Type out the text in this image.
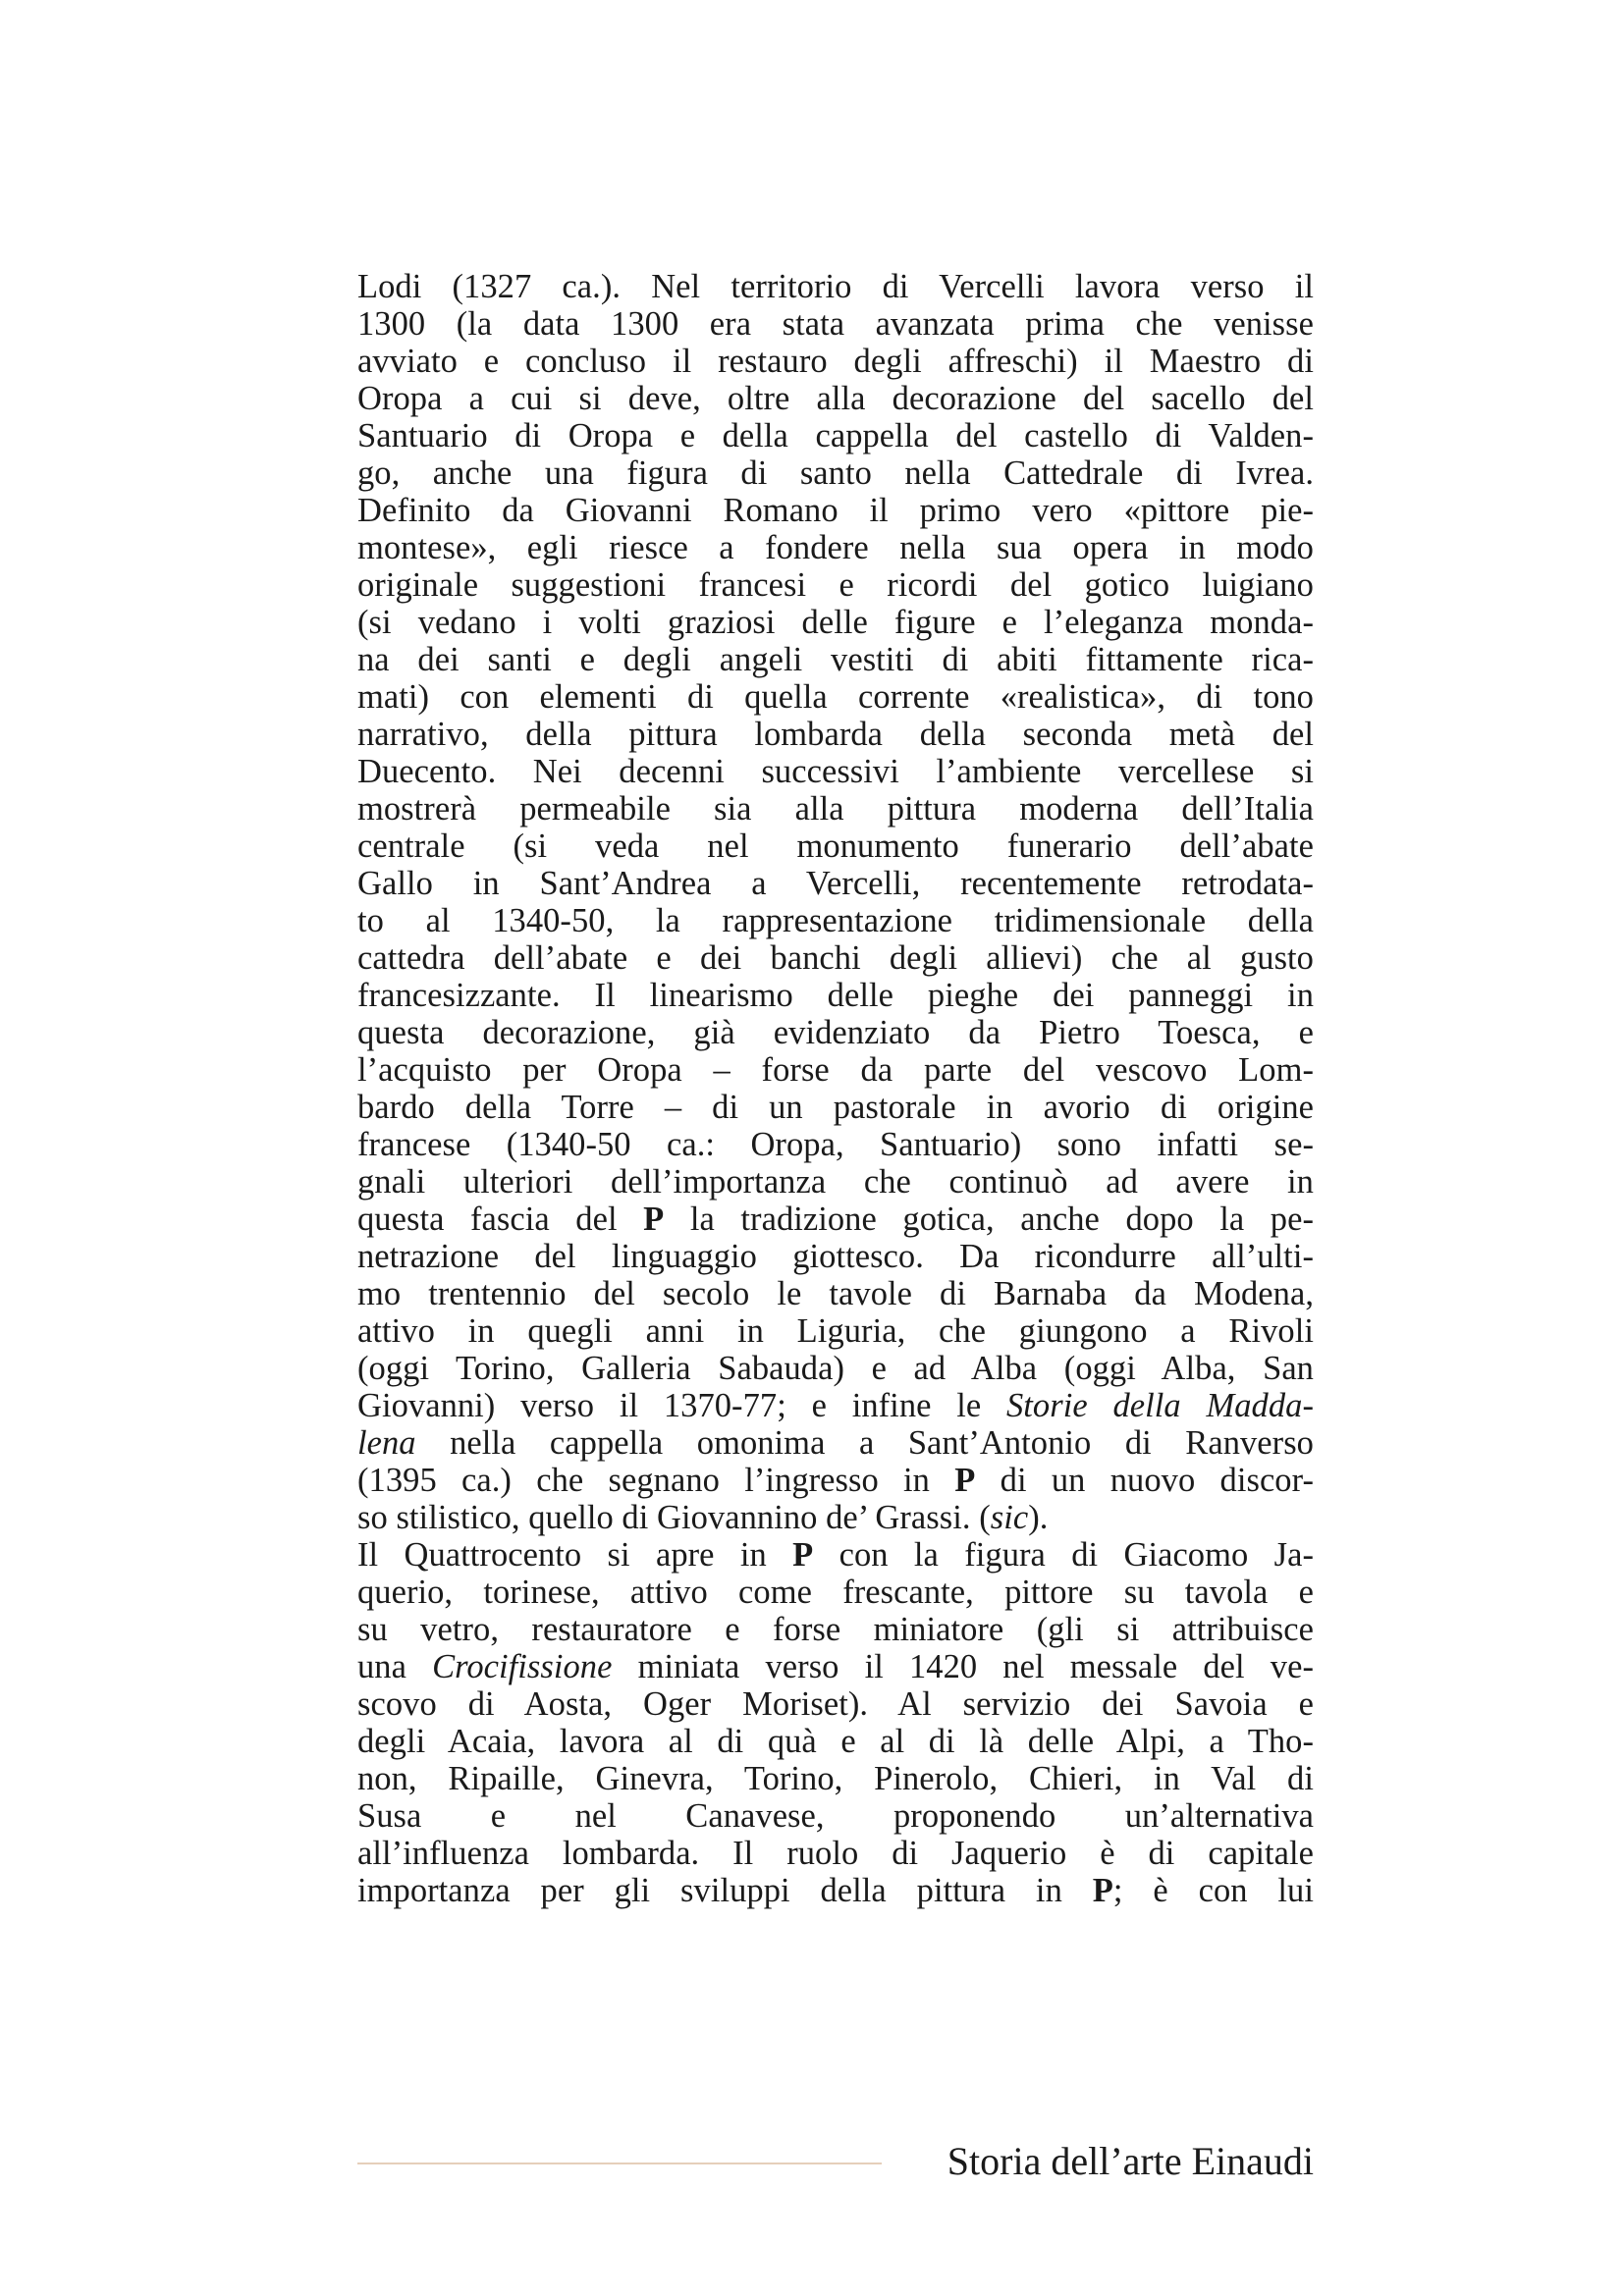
Lodi (1327 ca.). Nel territorio di Vercelli lavora verso il
1300 (la data 1300 era stata avanzata prima che venisse
avviato e concluso il restauro degli affreschi) il Maestro di
Oropa a cui si deve, oltre alla decorazione del sacello del
Santuario di Oropa e della cappella del castello di Valden-
go, anche una figura di santo nella Cattedrale di Ivrea.
Definito da Giovanni Romano il primo vero «pittore pie-
montese», egli riesce a fondere nella sua opera in modo
originale suggestioni francesi e ricordi del gotico luigiano
(si vedano i volti graziosi delle figure e l’eleganza monda-
na dei santi e degli angeli vestiti di abiti fittamente rica-
mati) con elementi di quella corrente «realistica», di tono
narrativo, della pittura lombarda della seconda metà del
Duecento. Nei decenni successivi l’ambiente vercellese si
mostrerà permeabile sia alla pittura moderna dell’Italia
centrale (si veda nel monumento funerario dell’abate
Gallo in Sant’Andrea a Vercelli, recentemente retrodata-
to al 1340-50, la rappresentazione tridimensionale della
cattedra dell’abate e dei banchi degli allievi) che al gusto
francesizzante. Il linearismo delle pieghe dei panneggi in
questa decorazione, già evidenziato da Pietro Toesca, e
l’acquisto per Oropa – forse da parte del vescovo Lom-
bardo della Torre – di un pastorale in avorio di origine
francese (1340-50 ca.: Oropa, Santuario) sono infatti se-
gnali ulteriori dell’importanza che continuò ad avere in
questa fascia del P la tradizione gotica, anche dopo la pe-
netrazione del linguaggio giottesco. Da ricondurre all’ulti-
mo trentennio del secolo le tavole di Barnaba da Modena,
attivo in quegli anni in Liguria, che giungono a Rivoli
(oggi Torino, Galleria Sabauda) e ad Alba (oggi Alba, San
Giovanni) verso il 1370-77; e infine le Storie della Madda-
lena nella cappella omonima a Sant’Antonio di Ranverso
(1395 ca.) che segnano l’ingresso in P di un nuovo discor-
so stilistico, quello di Giovannino de’ Grassi. (sic).
Il Quattrocento si apre in P con la figura di Giacomo Ja-
querio, torinese, attivo come frescante, pittore su tavola e
su vetro, restauratore e forse miniatore (gli si attribuisce
una Crocifissione miniata verso il 1420 nel messale del ve-
scovo di Aosta, Oger Moriset). Al servizio dei Savoia e
degli Acaia, lavora al di quà e al di là delle Alpi, a Tho-
non, Ripaille, Ginevra, Torino, Pinerolo, Chieri, in Val di
Susa e nel Canavese, proponendo un’alternativa
all’influenza lombarda. Il ruolo di Jaquerio è di capitale
importanza per gli sviluppi della pittura in P; è con lui
Storia dell’arte Einaudi
